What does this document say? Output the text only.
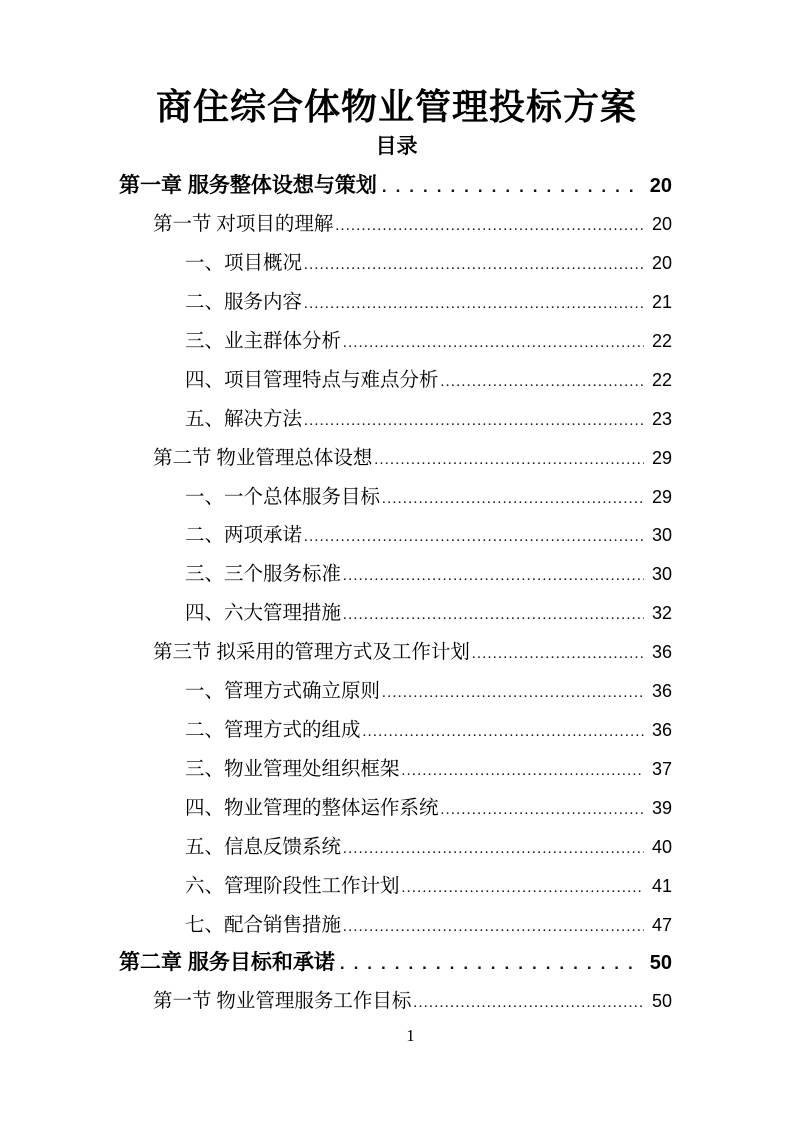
商住综合体物业管理投标方案
目录
第一章 服务整体设想与策划 .....	20
第一节 对项目的理解 .....	20
一、项目概况 .....	20
二、服务内容 .....	21
三、业主群体分析 .....	22
四、项目管理特点与难点分析 .....	22
五、解决方法 .....	23
第二节 物业管理总体设想 .....	29
一、一个总体服务目标 .....	29
二、两项承诺 .....	30
三、三个服务标准 .....	30
四、六大管理措施 .....	32
第三节 拟采用的管理方式及工作计划 .....	36
一、管理方式确立原则 .....	36
二、管理方式的组成 .....	36
三、物业管理处组织框架 .....	37
四、物业管理的整体运作系统 .....	39
五、信息反馈系统 .....	40
六、管理阶段性工作计划 .....	41
七、配合销售措施 .....	47
第二章 服务目标和承诺 .....	50
第一节 物业管理服务工作目标 .....	50
1
